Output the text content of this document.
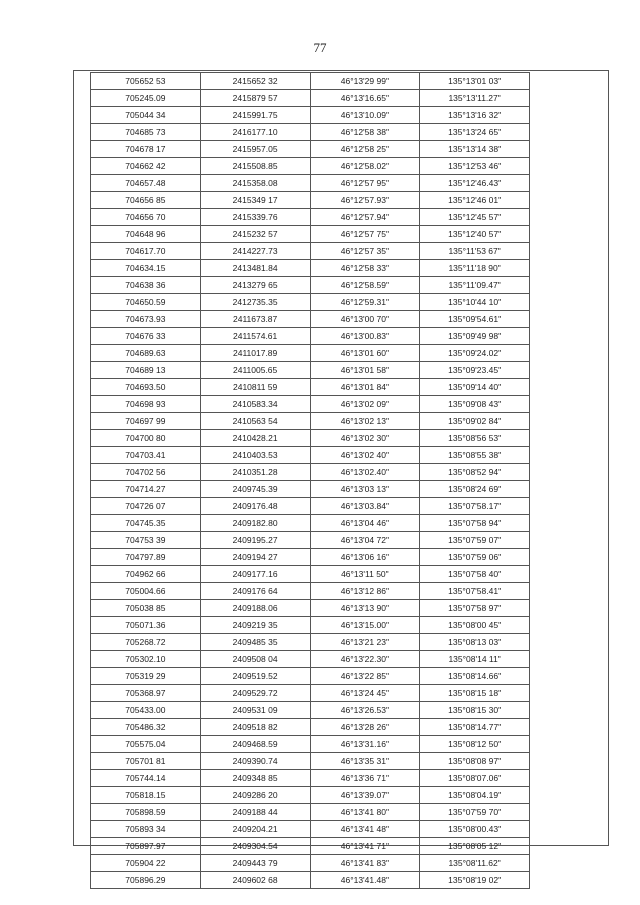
77
705652 53	2415652 32	46°13'29 99"	135°13'01 03"
705245.09	2415879 57	46°13'16.65"	135°13'11.27"
705044 34	2415991.75	46°13'10.09"	135°13'16 32"
704685 73	2416177.10	46°12'58 38"	135°13'24 65"
704678 17	2415957.05	46°12'58 25"	135°13'14 38"
704662 42	2415508.85	46°12'58.02"	135°12'53 46"
704657.48	2415358.08	46°12'57 95"	135°12'46.43"
704656 85	2415349 17	46°12'57.93"	135°12'46 01"
704656 70	2415339.76	46°12'57.94"	135°12'45 57"
704648 96	2415232 57	46°12'57 75"	135°12'40 57"
704617.70	2414227.73	46°12'57 35"	135°11'53 67"
704634.15	2413481.84	46°12'58 33"	135°11'18 90"
704638 36	2413279 65	46°12'58.59"	135°11'09.47"
704650.59	2412735.35	46°12'59.31"	135°10'44 10"
704673.93	2411673.87	46°13'00 70"	135°09'54.61"
704676 33	2411574.61	46°13'00.83"	135°09'49 98"
704689.63	2411017.89	46°13'01 60"	135°09'24.02"
704689 13	2411005.65	46°13'01 58"	135°09'23.45"
704693.50	2410811 59	46°13'01 84"	135°09'14 40"
704698 93	2410583.34	46°13'02 09"	135°09'08 43"
704697 99	2410563 54	46°13'02 13"	135°09'02 84"
704700 80	2410428.21	46°13'02 30"	135°08'56 53"
704703.41	2410403.53	46°13'02 40"	135°08'55 38"
704702 56	2410351.28	46°13'02.40"	135°08'52 94"
704714.27	2409745.39	46°13'03 13"	135°08'24 69"
704726 07	2409176.48	46°13'03.84"	135°07'58.17"
704745.35	2409182.80	46°13'04 46"	135°07'58 94"
704753 39	2409195.27	46°13'04 72"	135°07'59 07"
704797.89	2409194 27	46°13'06 16"	135°07'59 06"
704962 66	2409177.16	46°13'11 50"	135°07'58 40"
705004.66	2409176 64	46°13'12 86"	135°07'58.41"
705038 85	2409188.06	46°13'13 90"	135°07'58 97"
705071.36	2409219 35	46°13'15.00"	135°08'00 45"
705268.72	2409485 35	46°13'21 23"	135°08'13 03"
705302.10	2409508 04	46°13'22.30"	135°08'14 11"
705319 29	2409519.52	46°13'22 85"	135°08'14.66"
705368.97	2409529.72	46°13'24 45"	135°08'15 18"
705433.00	2409531 09	46°13'26.53"	135°08'15 30"
705486.32	2409518 82	46°13'28 26"	135°08'14.77"
705575.04	2409468.59	46°13'31.16"	135°08'12 50"
705701 81	2409390.74	46°13'35 31"	135°08'08 97"
705744.14	2409348 85	46°13'36 71"	135°08'07.06"
705818.15	2409286 20	46°13'39.07"	135°08'04.19"
705898.59	2409188 44	46°13'41 80"	135°07'59 70"
705893 34	2409204.21	46°13'41 48"	135°08'00.43"
705897.97	2409304.54	46°13'41 71"	135°08'05 12"
705904 22	2409443 79	46°13'41 83"	135°08'11.62"
705896.29	2409602 68	46°13'41.48"	135°08'19 02"
